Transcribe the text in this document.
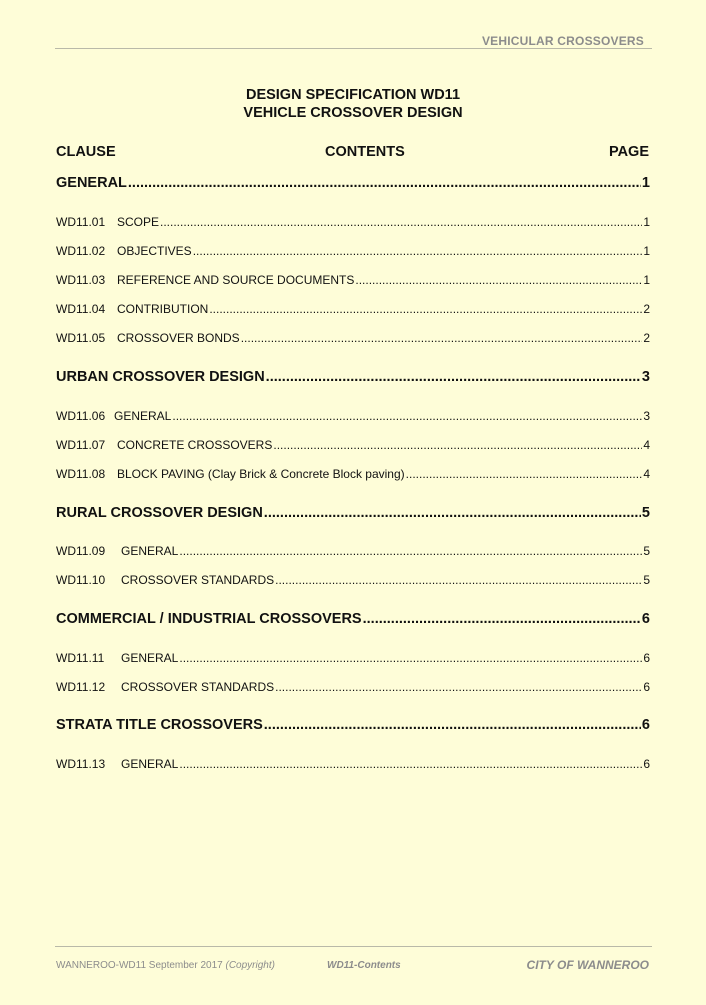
VEHICULAR CROSSOVERS
DESIGN SPECIFICATION WD11
VEHICLE CROSSOVER DESIGN
CLAUSE	CONTENTS	PAGE
GENERAL .....	1
WD11.01 SCOPE .....	1
WD11.02 OBJECTIVES .....	1
WD11.03 REFERENCE AND SOURCE DOCUMENTS .....	1
WD11.04 CONTRIBUTION .....	2
WD11.05 CROSSOVER BONDS .....	2
URBAN CROSSOVER DESIGN .....	3
WD11.06 GENERAL .....	3
WD11.07 CONCRETE CROSSOVERS .....	4
WD11.08 BLOCK PAVING (Clay Brick & Concrete Block paving) .....	4
RURAL CROSSOVER DESIGN .....	5
WD11.09	GENERAL .....	5
WD11.10	CROSSOVER STANDARDS .....	5
COMMERCIAL / INDUSTRIAL CROSSOVERS .....	6
WD11.11	GENERAL .....	6
WD11.12	CROSSOVER STANDARDS .....	6
STRATA TITLE CROSSOVERS .....	6
WD11.13	GENERAL .....	6
WANNEROO-WD11 September 2017 (Copyright)	WD11-Contents	CITY OF WANNEROO
